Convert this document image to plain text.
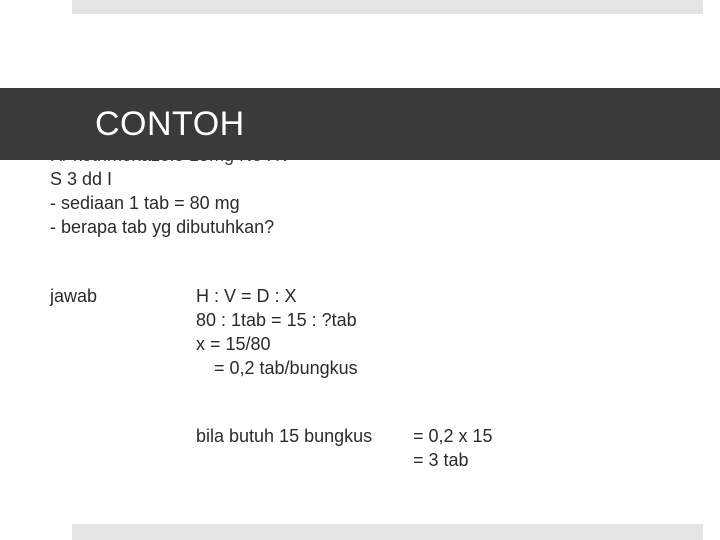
CONTOH
R/ kotrimoxazole 15mg No XV
S 3 dd I
- sediaan 1 tab = 80 mg
- berapa tab yg dibutuhkan?
jawab	H : V = D : X
80 : 1tab = 15 : ?tab
x = 15/80
= 0,2 tab/bungkus
bila butuh 15 bungkus = 0,2 x 15
= 3 tab
